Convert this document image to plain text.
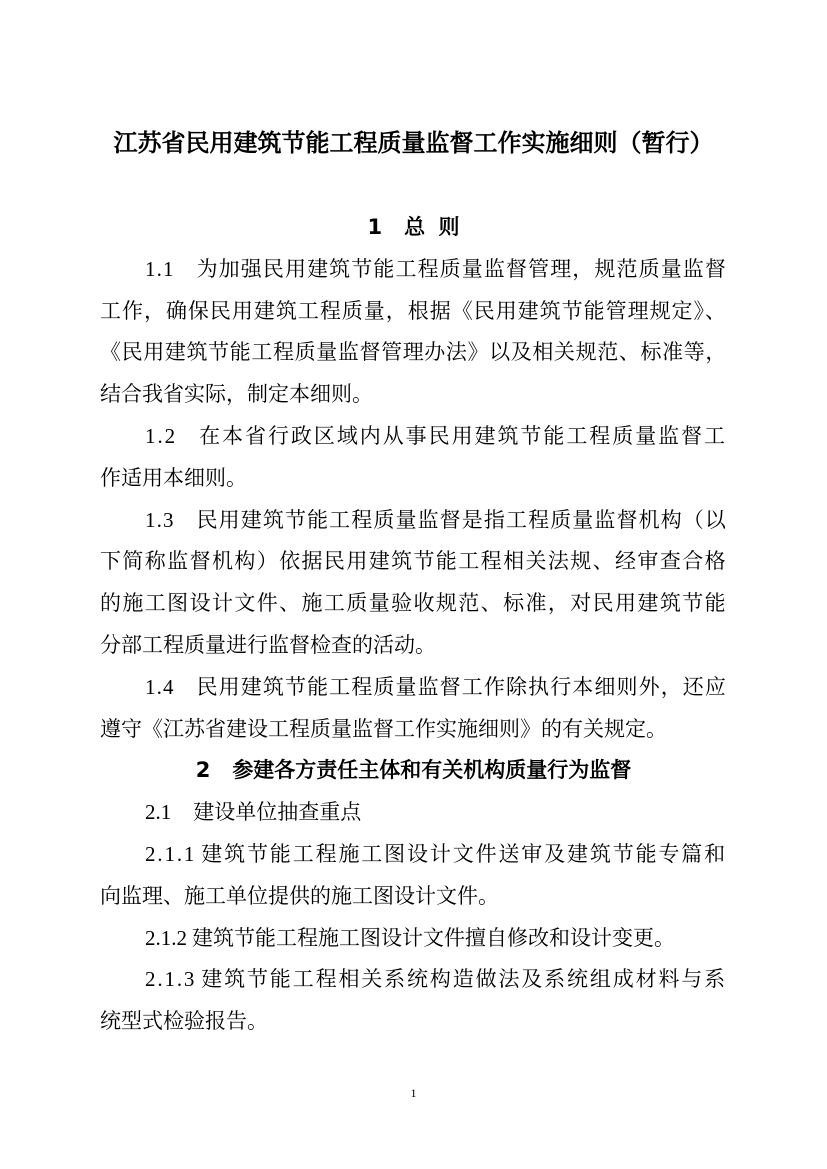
江苏省民用建筑节能工程质量监督工作实施细则（暂行）
1 总 则
1.1 为加强民用建筑节能工程质量监督管理，规范质量监督
工作，确保民用建筑工程质量，根据《民用建筑节能管理规定》、
《民用建筑节能工程质量监督管理办法》以及相关规范、标准等，
结合我省实际，制定本细则。
1.2 在本省行政区域内从事民用建筑节能工程质量监督工
作适用本细则。
1.3 民用建筑节能工程质量监督是指工程质量监督机构（以
下简称监督机构）依据民用建筑节能工程相关法规、经审查合格
的施工图设计文件、施工质量验收规范、标准，对民用建筑节能
分部工程质量进行监督检查的活动。
1.4 民用建筑节能工程质量监督工作除执行本细则外，还应
遵守《江苏省建设工程质量监督工作实施细则》的有关规定。
2 参建各方责任主体和有关机构质量行为监督
2.1 建设单位抽查重点
2.1.1 建筑节能工程施工图设计文件送审及建筑节能专篇和
向监理、施工单位提供的施工图设计文件。
2.1.2 建筑节能工程施工图设计文件擅自修改和设计变更。
2.1.3 建筑节能工程相关系统构造做法及系统组成材料与系
统型式检验报告。
1
